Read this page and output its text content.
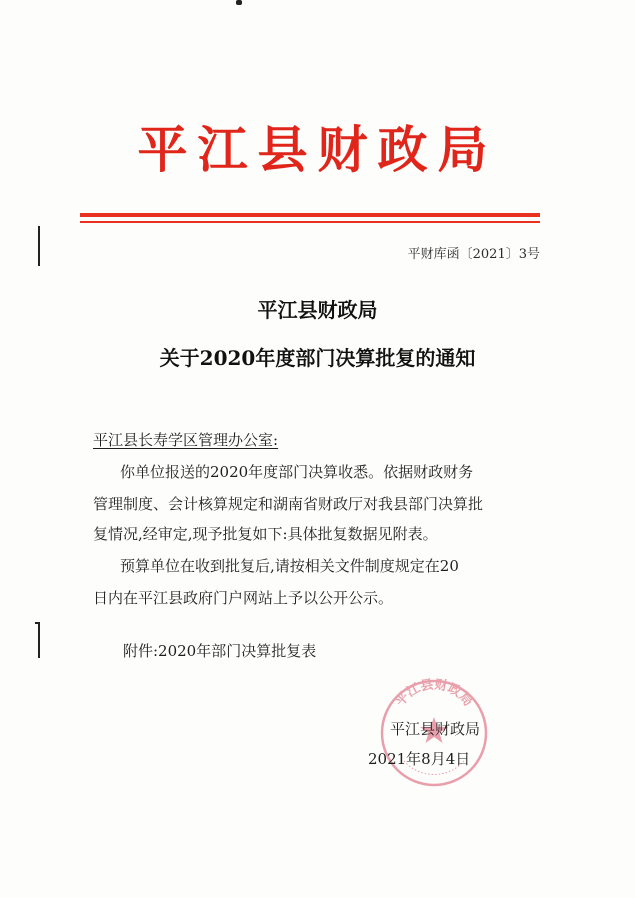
平江县财政局
平财库函〔2021〕3号
平江县财政局
关于2020年度部门决算批复的通知
平江县长寿学区管理办公室:
你单位报送的2020年度部门决算收悉。依据财政财务
管理制度、会计核算规定和湖南省财政厅对我县部门决算批
复情况,经审定,现予批复如下:具体批复数据见附表。
预算单位在收到批复后,请按相关文件制度规定在20
日内在平江县政府门户网站上予以公开公示。
附件:2020年部门决算批复表
平江县财政局
平江县财政局
2021年8月4日
